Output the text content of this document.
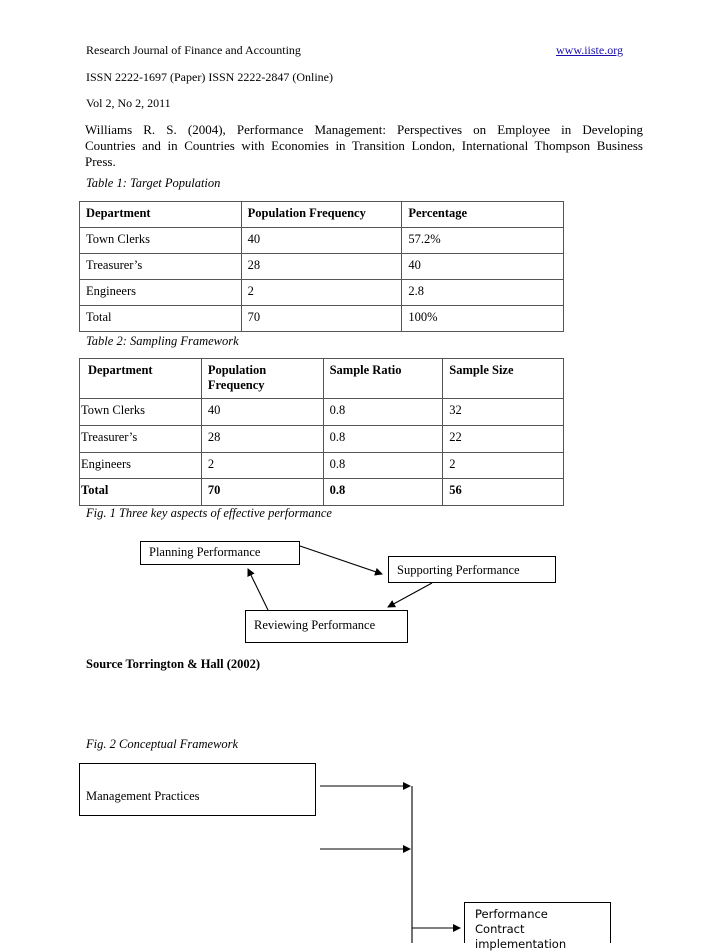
Research Journal of Finance and Accounting	www.iiste.org
ISSN 2222-1697 (Paper) ISSN 2222-2847 (Online)
Vol 2, No 2, 2011
Williams R. S. (2004), Performance Management: Perspectives on Employee in Developing
Countries and in Countries with Economies in Transition London, International Thompson Business
Press.
Table 1: Target Population
Department	Population Frequency	Percentage
Town Clerks	40	57.2%
Treasurer’s	28	40
Engineers	2	2.8
Total	70	100%
Table 2: Sampling Framework
Department	Population Frequency	Sample Ratio	Sample Size
Town Clerks	40	0.8	32
Treasurer’s	28	0.8	22
Engineers	2	0.8	2
Total	70	0.8	56
Fig. 1 Three key aspects of effective performance
Planning Performance
Supporting Performance
Reviewing Performance
Source Torrington & Hall (2002)
Fig. 2 Conceptual Framework
Management Practices
Performance Contract implementation
